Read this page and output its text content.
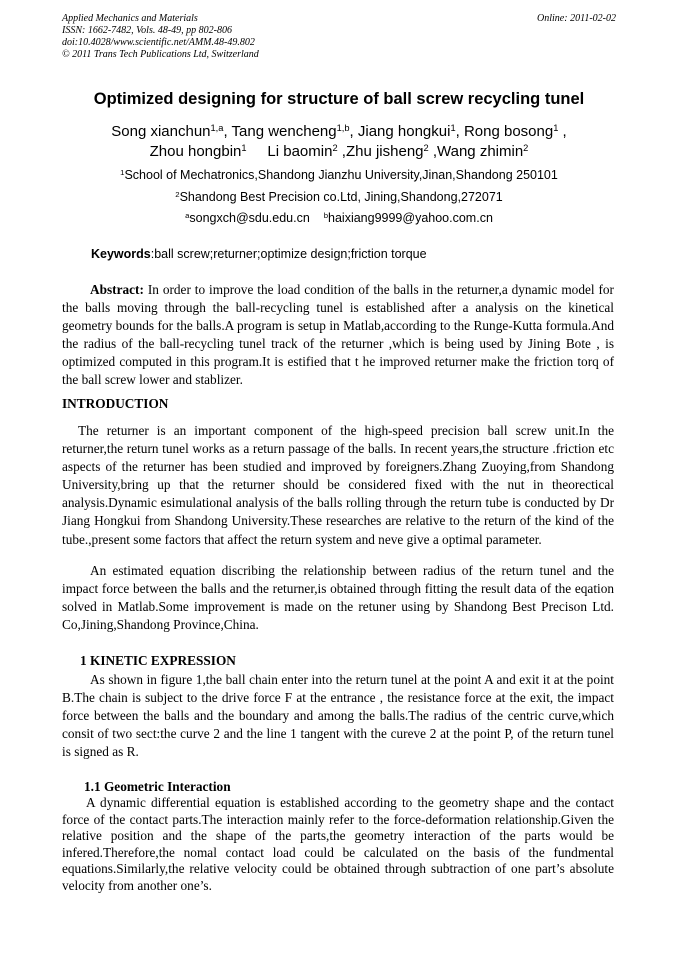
Applied Mechanics and Materials
ISSN: 1662-7482, Vols. 48-49, pp 802-806
doi:10.4028/www.scientific.net/AMM.48-49.802
© 2011 Trans Tech Publications Ltd, Switzerland
Online: 2011-02-02
Optimized designing for structure of ball screw recycling tunel
Song xianchun$^{1,a}$, Tang wencheng$^{1,b}$, Jiang hongkui$^1$, Rong bosong$^1$ ,
Zhou hongbin$^1$ Li baomin$^2$ ,Zhu jisheng$^2$ ,Wang zhimin$^2$
$^1$School of Mechatronics,Shandong Jianzhu University,Jinan,Shandong 250101
$^2$Shandong Best Precision co.Ltd, Jining,Shandong,272071
$^a$songxch@sdu.edu.cn $^b$haixiang9999@yahoo.com.cn
Keywords:ball screw;returner;optimize design;friction torque
Abstract: In order to improve the load condition of the balls in the returner,a dynamic model for the balls moving through the ball-recycling tunel is established after a analysis on the kinetical geometry bounds for the balls.A program is setup in Matlab,according to the Runge-Kutta formula.And the radius of the ball-recycling tunel track of the returner ,which is being used by Jining Bote , is optimized computed in this program.It is estified that t he improved returner make the friction torq of the ball screw lower and stablizer.
INTRODUCTION
The returner is an important component of the high-speed precision ball screw unit.In the returner,the return tunel works as a return passage of the balls. In recent years,the structure .friction etc aspects of the returner has been studied and improved by foreigners.Zhang Zuoying,from Shandong University,bring up that the returner should be considered fixed with the nut in theorectical analysis.Dynamic esimulational analysis of the balls rolling through the return tube is conducted by Dr Jiang Hongkui from Shandong University.These researches are relative to the return of the kind of the tube.,present some factors that affect the return system and neve give a optimal parameter.
An estimated equation discribing the relationship between radius of the return tunel and the impact force between the balls and the returner,is obtained through fitting the result data of the eqation solved in Matlab.Some improvement is made on the retuner using by Shandong Best Precison Ltd. Co,Jining,Shandong Province,China.
1 KINETIC EXPRESSION
As shown in figure 1,the ball chain enter into the return tunel at the point A and exit it at the point B.The chain is subject to the drive force F at the entrance , the resistance force at the exit, the impact force between the balls and the boundary and among the balls.The radius of the centric curve,which consit of two sect:the curve 2 and the line 1 tangent with the cureve 2 at the point P, of the return tunel is signed as R.
1.1 Geometric Interaction
A dynamic differential equation is established according to the geometry shape and the contact force of the contact parts.The interaction mainly refer to the force-deformation relationship.Given the relative position and the shape of the parts,the geometry interaction of the parts would be infered.Therefore,the nomal contact load could be calculated on the basis of the fundmental equations.Similarly,the relative velocity could be obtained through subtraction of one part’s absolute velocity from another one’s.
